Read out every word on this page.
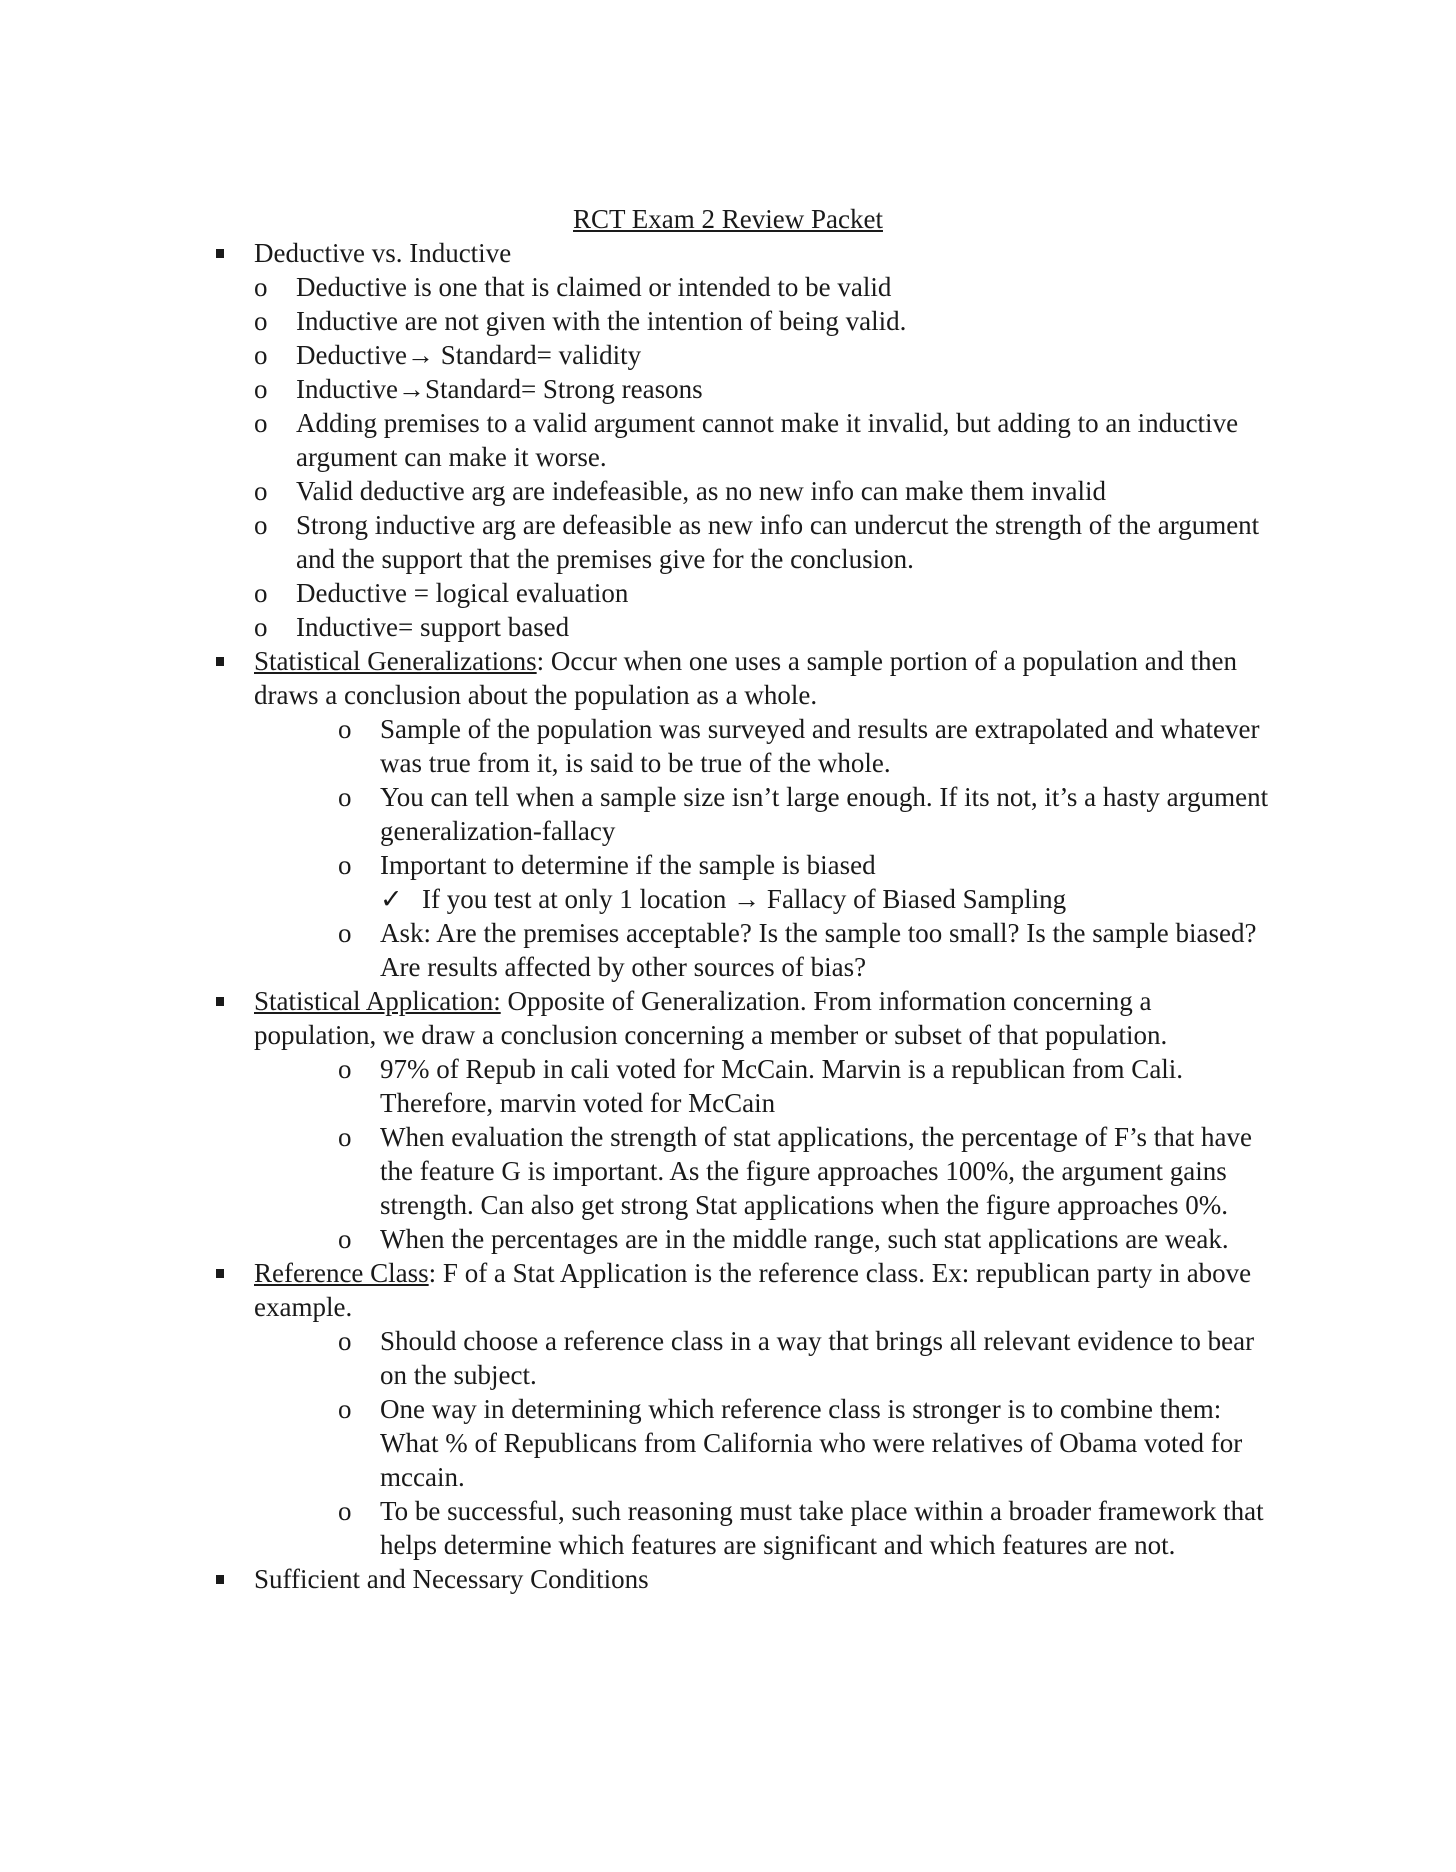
RCT Exam 2 Review Packet
Deductive vs. Inductive
o Deductive is one that is claimed or intended to be valid
o Inductive are not given with the intention of being valid.
o Deductive→ Standard= validity
o Inductive→Standard= Strong reasons
o Adding premises to a valid argument cannot make it invalid, but adding to an inductive argument can make it worse.
o Valid deductive arg are indefeasible, as no new info can make them invalid
o Strong inductive arg are defeasible as new info can undercut the strength of the argument and the support that the premises give for the conclusion.
o Deductive = logical evaluation
o Inductive= support based
Statistical Generalizations: Occur when one uses a sample portion of a population and then draws a conclusion about the population as a whole.
o Sample of the population was surveyed and results are extrapolated and whatever was true from it, is said to be true of the whole.
o You can tell when a sample size isn’t large enough. If its not, it’s a hasty argument generalization-fallacy
o Important to determine if the sample is biased
✓ If you test at only 1 location → Fallacy of Biased Sampling
o Ask: Are the premises acceptable? Is the sample too small? Is the sample biased? Are results affected by other sources of bias?
Statistical Application: Opposite of Generalization. From information concerning a population, we draw a conclusion concerning a member or subset of that population.
o 97% of Repub in cali voted for McCain. Marvin is a republican from Cali. Therefore, marvin voted for McCain
o When evaluation the strength of stat applications, the percentage of F’s that have the feature G is important. As the figure approaches 100%, the argument gains strength. Can also get strong Stat applications when the figure approaches 0%.
o When the percentages are in the middle range, such stat applications are weak.
Reference Class: F of a Stat Application is the reference class. Ex: republican party in above example.
o Should choose a reference class in a way that brings all relevant evidence to bear on the subject.
o One way in determining which reference class is stronger is to combine them: What % of Republicans from California who were relatives of Obama voted for mccain.
o To be successful, such reasoning must take place within a broader framework that helps determine which features are significant and which features are not.
Sufficient and Necessary Conditions
